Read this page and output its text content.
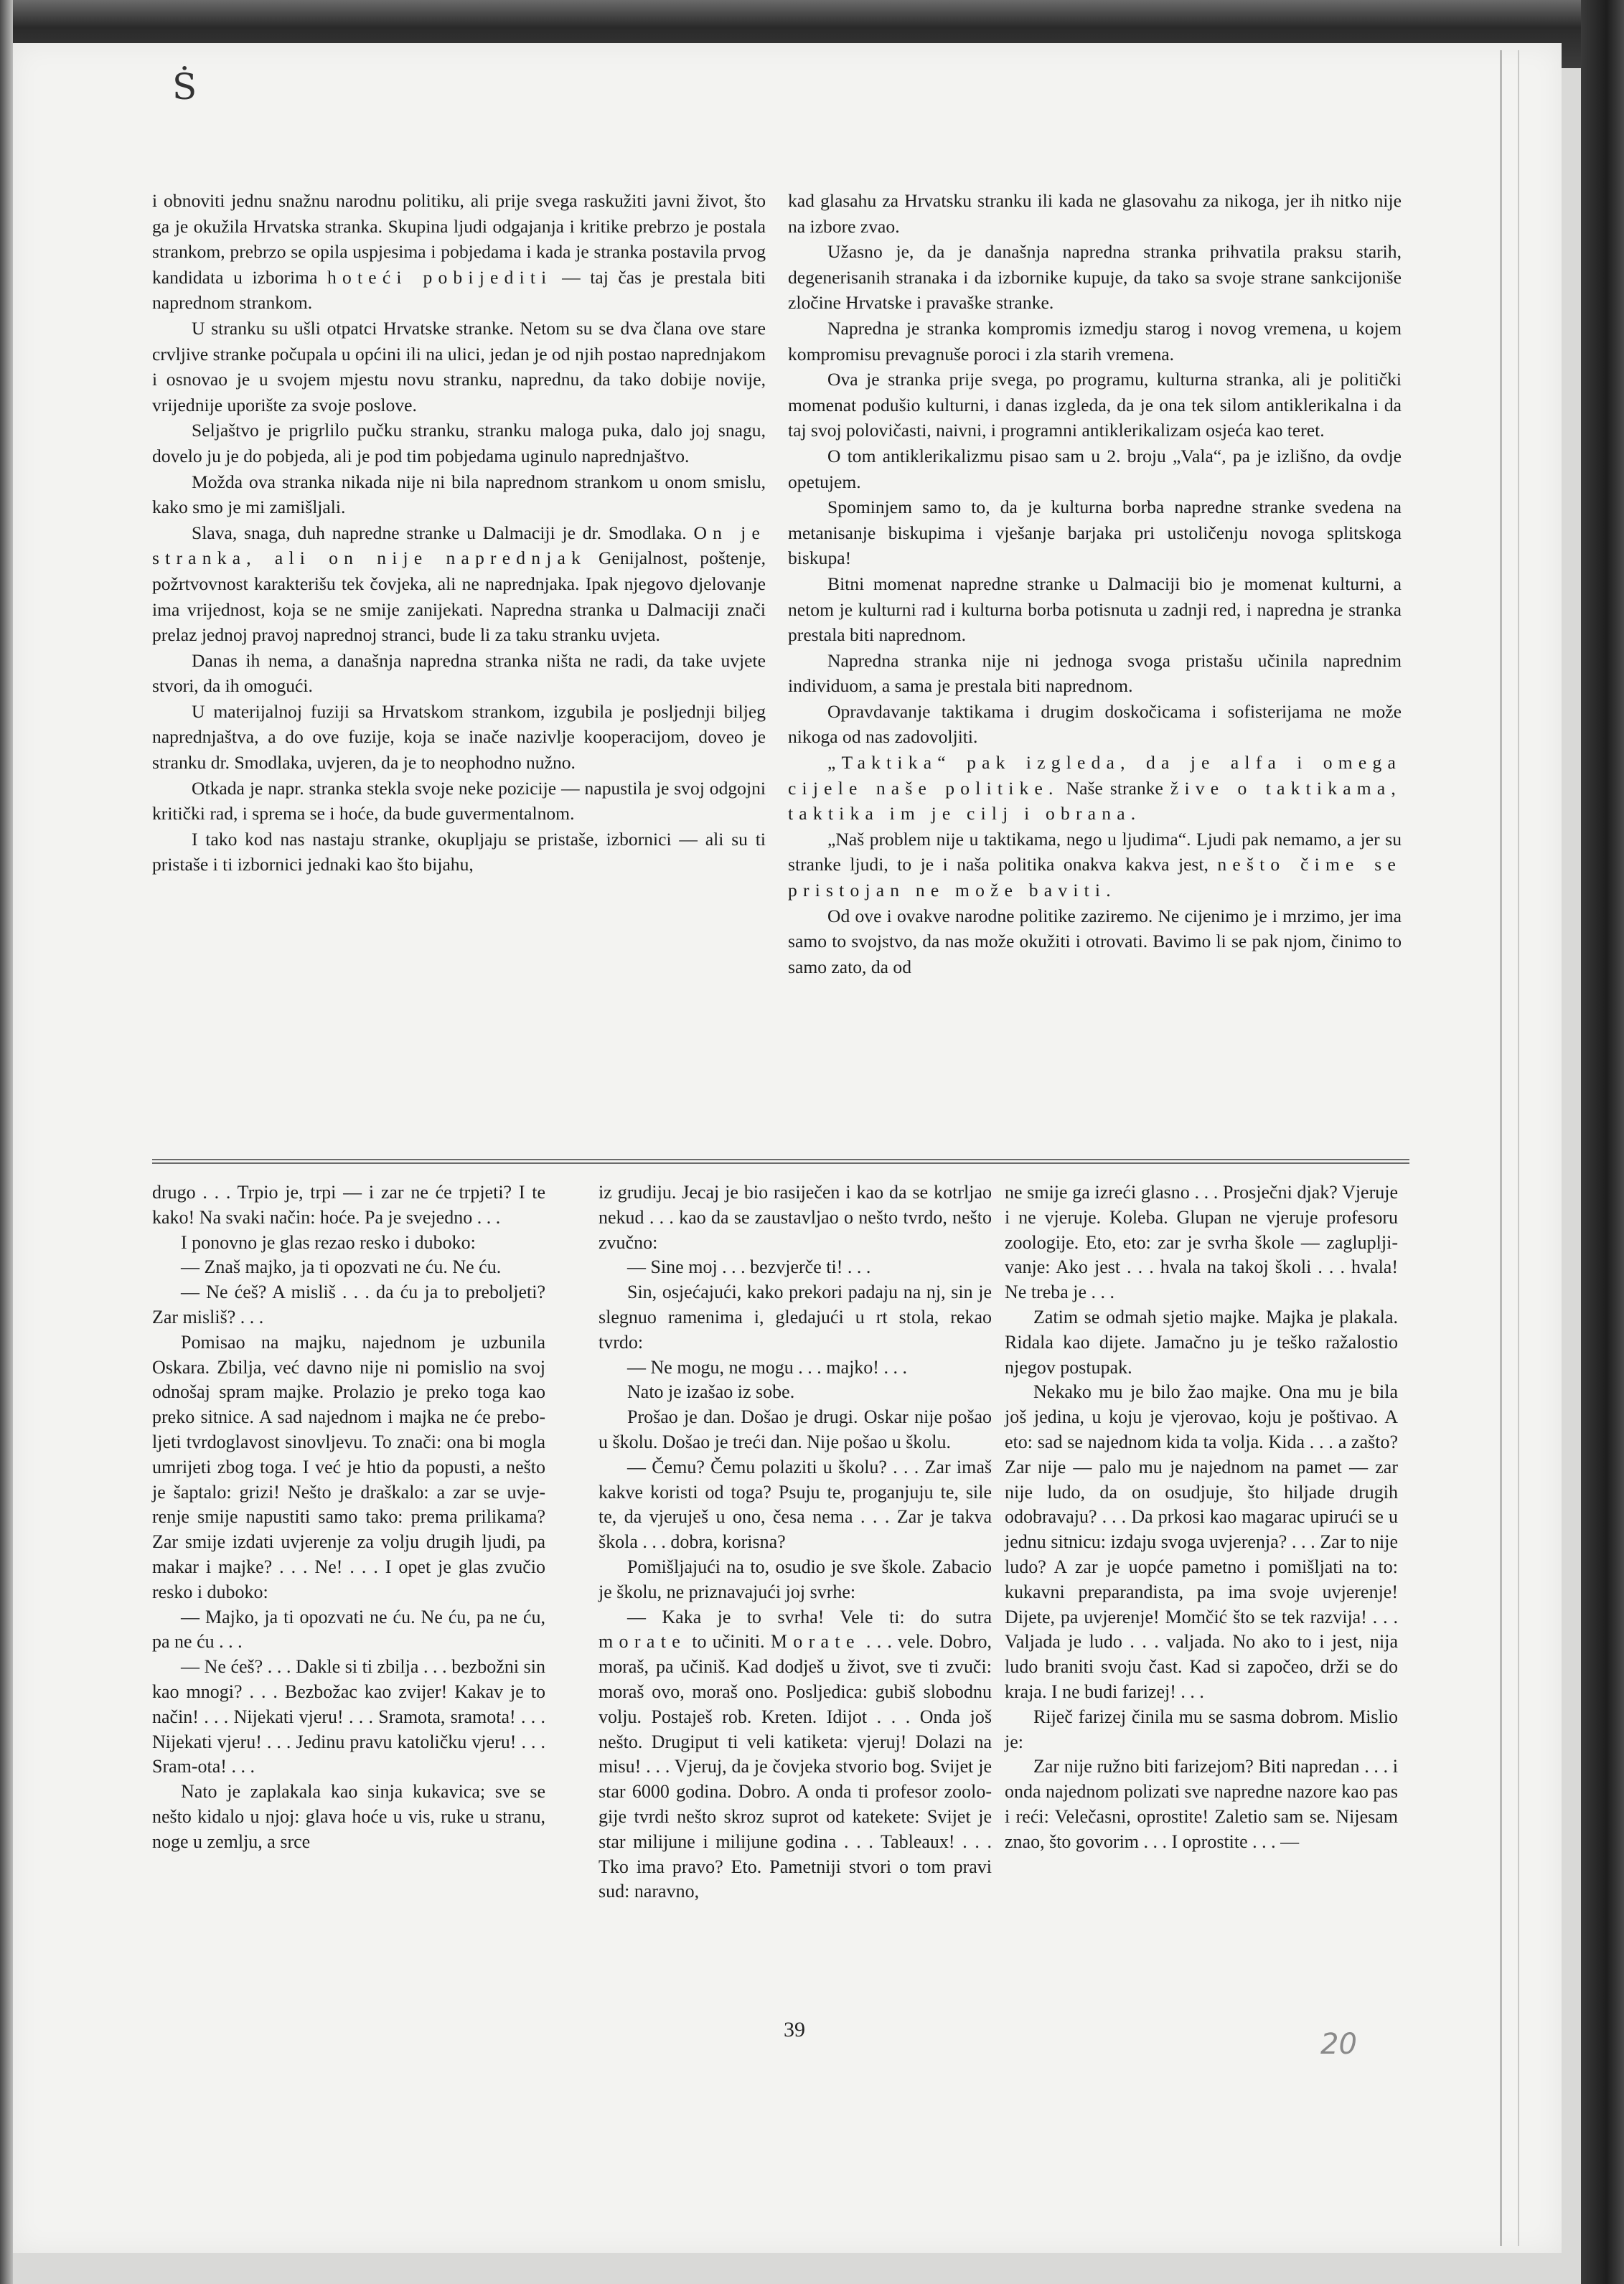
Ṡ

i obnoviti jednu snažnu narodnu politiku, ali prije svega raskužiti javni život, što ga je okužila Hrvatska stranka. Skupina ljudi odgajanja i kritike prebrzo je postala strankom, prebrzo se opila uspjesima i pobjedama i kada je stranka postavila prvog kandidata u izborima hoteći pobijediti — taj čas je prestala biti naprednom strankom.

U stranku su ušli otpatci Hrvatske stranke. Netom su se dva člana ove stare crvljive stranke počupala u općini ili na ulici, jedan je od njih postao naprednjakom i osnovao je u svojem mjestu novu stranku, naprednu, da tako dobije novije, vrijednije uporište za svoje poslove.

Seljaštvo je prigrlilo pučku stranku, stranku maloga puka, dalo joj snagu, dovelo ju je do pobjeda, ali je pod tim pobjedama uginulo naprednjaštvo.

Možda ova stranka nikada nije ni bila naprednom strankom u onom smislu, kako smo je mi zamišljali.

Slava, snaga, duh napredne stranke u Dalmaciji je dr. Smodlaka. On je stranka, ali on nije naprednjak Genijalnost, poštenje, požrtvovnost karakterišu tek čovjeka, ali ne naprednjaka. Ipak njegovo djelovanje ima vrijednost, koja se ne smije zanijekati. Napredna stranka u Dalmaciji znači prelaz jednoj pravoj naprednoj stranci, bude li za taku stranku uvjeta.

Danas ih nema, a današnja napredna stranka ništa ne radi, da take uvjete stvori, da ih omogući.

U materijalnoj fuziji sa Hrvatskom strankom, izgubila je posljednji biljeg naprednjaštva, a do ove fuzije, koja se inače nazivlje kooperacijom, doveo je stranku dr. Smodlaka, uvjeren, da je to neophodno nužno.

Otkada je napr. stranka stekla svoje neke pozicije — napustila je svoj odgojni kritički rad, i sprema se i hoće, da bude guvermentalnom.

I tako kod nas nastaju stranke, okupljaju se pristaše, izbornici — ali su ti pristaše i ti izbornici jednaki kao što bijahu,

kad glasahu za Hrvatsku stranku ili kada ne glasovahu za nikoga, jer ih nitko nije na izbore zvao.

Užasno je, da je današnja napredna stranka prihvatila praksu starih, degenerisanih stranaka i da izbornike kupuje, da tako sa svoje strane sankcijoniše zločine Hrvatske i pravaške stranke.

Napredna je stranka kompromis izmedju starog i novog vremena, u kojem kompromisu prevagnuše poroci i zla starih vremena.

Ova je stranka prije svega, po programu, kulturna stranka, ali je politički momenat podušio kulturni, i danas izgleda, da je ona tek silom antiklerikalna i da taj svoj polovičasti, naivni, i programni antiklerikalizam osjeća kao teret.

O tom antiklerikalizmu pisao sam u 2. broju „Vala“, pa je izlišno, da ovdje opetujem.

Spominjem samo to, da je kulturna borba napredne stranke svedena na metanisanje biskupima i vješanje barjaka pri ustoličenju novoga splitskoga biskupa!

Bitni momenat napredne stranke u Dalmaciji bio je momenat kulturni, a netom je kulturni rad i kulturna borba potisnuta u zadnji red, i napredna je stranka prestala biti naprednom.

Napredna stranka nije ni jednoga svoga pristašu učinila naprednim individuom, a sama je prestala biti naprednom.

Opravdavanje taktikama i drugim doskočicama i sofisterijama ne može nikoga od nas zadovoljiti.

„Taktika“ pak izgleda, da je alfa i omega cijele naše politike. Naše stranke žive o taktikama, taktika im je cilj i obrana.

„Naš problem nije u taktikama, nego u ljudima“. Ljudi pak nemamo, a jer su stranke ljudi, to je i naša politika onakva kakva jest, nešto čime se pristojan ne može baviti.

Od ove i ovakve narodne politike zaziremo. Ne cijenimo je i mrzimo, jer ima samo to svojstvo, da nas može okužiti i otrovati. Bavimo li se pak njom, činimo to samo zato, da od

drugo . . . Trpio je, trpi — i zar ne će trpjeti? I te kako! Na svaki način: hoće. Pa je svejedno . . .

I ponovno je glas rezao resko i duboko:

— Znaš majko, ja ti opozvati ne ću. Ne ću.

— Ne ćeš? A misliš . . . da ću ja to preboljeti? Zar misliš? . . .

Pomisao na majku, najednom je uzbunila Oskara. Zbilja, već davno nije ni pomislio na svoj odnošaj spram majke. Prolazio je preko toga kao preko sitnice. A sad najednom i majka ne će preboljeti tvrdoglavost sinovljevu. To znači: ona bi mogla umrijeti zbog toga. I već je htio da popusti, a nešto je šaptalo: grizi! Nešto je draškalo: a zar se uvjerenje smije napustiti samo tako: prema prilikama? Zar smije izdati uvjerenje za volju drugih ljudi, pa makar i majke? . . . Ne! . . . I opet je glas zvučio resko i duboko:

— Majko, ja ti opozvati ne ću. Ne ću, pa ne ću, pa ne ću . . .

— Ne ćeš? . . . Dakle si ti zbilja . . . bezbožni sin kao mnogi? . . . Bezbožac kao zvijer! Kakav je to način! . . . Nijekati vjeru! . . . Sramota, sramota! . . . Nijekati vjeru! . . . Jedinu pravu katoličku vjeru! . . . Sram-ota! . . .

Nato je zaplakala kao sinja kukavica; sve se nešto kidalo u njoj: glava hoće u vis, ruke u stranu, noge u zemlju, a srce

iz grudiju. Jecaj je bio rasiječen i kao da se kotrljao nekud . . . kao da se zaustavljao o nešto tvrdo, nešto zvučno:

— Sine moj . . . bezvjerče ti! . . .

Sin, osjećajući, kako prekori padaju na nj, sin je slegnuo ramenima i, gledajući u rt stola, rekao tvrdo:

— Ne mogu, ne mogu . . . majko! . . .

Nato je izašao iz sobe.

Prošao je dan. Došao je drugi. Oskar nije pošao u školu. Došao je treći dan. Nije pošao u školu.

— Čemu? Čemu polaziti u školu? . . . Zar imaš kakve koristi od toga? Psuju te, proganjuju te, sile te, da vjeruješ u ono, česa nema . . . Zar je takva škola . . . dobra, korisna?

Pomišljajući na to, osudio je sve škole. Zabacio je školu, ne priznavajući joj svrhe:

— Kaka je to svrha! Vele ti: do sutra morate to učiniti. Morate . . . vele. Dobro, moraš, pa učiniš. Kad dodješ u život, sve ti zvuči: moraš ovo, moraš ono. Posljedica: gubiš slobodnu volju. Postaješ rob. Kreten. Idijot . . . Onda još nešto. Drugiput ti veli katiketa: vjeruj! Dolazi na misu! . . . Vjeruj, da je čovjeka stvorio bog. Svijet je star 6000 godina. Dobro. A onda ti profesor zoologije tvrdi nešto skroz suprot od katekete: Svijet je star milijune i milijune godina . . . Tableaux! . . . Tko ima pravo? Eto. Pametniji stvori o tom pravi sud: naravno,

ne smije ga izreći glasno . . . Prosječni djak? Vjeruje i ne vjeruje. Koleba. Glupan ne vjeruje profesoru zoologije. Eto, eto: zar je svrha škole — zaglupljivanje: Ako jest . . . hvala na takoj školi . . . hvala! Ne treba je . . .

Zatim se odmah sjetio majke. Majka je plakala. Ridala kao dijete. Jamačno ju je teško ražalostio njegov postupak.

Nekako mu je bilo žao majke. Ona mu je bila još jedina, u koju je vjerovao, koju je poštivao. A eto: sad se najednom kida ta volja. Kida . . . a zašto? Zar nije — palo mu je najednom na pamet — zar nije ludo, da on osudjuje, što hiljade drugih odobravaju? . . . Da prkosi kao magarac upirući se u jednu sitnicu: izdaju svoga uvjerenja? . . . Zar to nije ludo? A zar je uopće pametno i pomišljati na to: kukavni preparandista, pa ima svoje uvjerenje! Dijete, pa uvjerenje! Momčić što se tek razvija! . . . Valjada je ludo . . . valjada. No ako to i jest, nija ludo braniti svoju čast. Kad si započeo, drži se do kraja. I ne budi farizej! . . .

Riječ farizej činila mu se sasma dobrom. Mislio je:

Zar nije ružno biti farizejom? Biti napredan . . . i onda najednom polizati sve napredne nazore kao pas i reći: Velečasni, oprostite! Zaletio sam se. Nijesam znao, što govorim . . . I oprostite . . . —

39	20
